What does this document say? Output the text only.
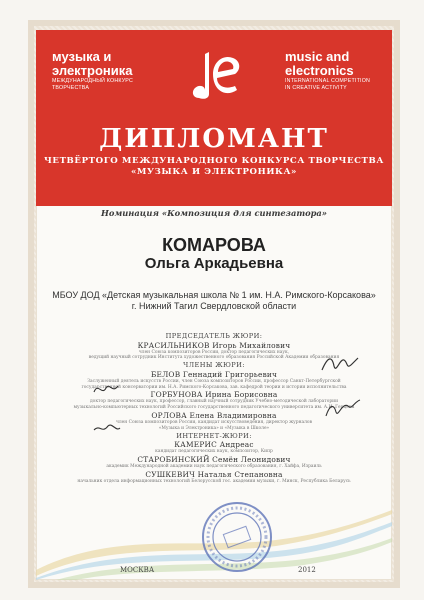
музыка и
электроника
МЕЖДУНАРОДНЫЙ КОНКУРС
ТВОРЧЕСТВА
music and
electronics
INTERNATIONAL COMPETITION
IN CREATIVE ACTIVITY
ДИПЛОМАНТ
ЧЕТВЁРТОГО МЕЖДУНАРОДНОГО КОНКУРСА ТВОРЧЕСТВА
«МУЗЫКА И ЭЛЕКТРОНИКА»
Номинация «Композиция для синтезатора»
КОМАРОВА
Ольга Аркадьевна
МБОУ ДОД «Детская музыкальная школа № 1 им. Н.А. Римского-Корсакова»
г. Нижний Тагил Свердловской области
ПРЕДСЕДАТЕЛЬ ЖЮРИ:
КРАСИЛЬНИКОВ Игорь Михайлович
член Союза композиторов России, доктор педагогических наук,
ведущий научный сотрудник Института художественного образования Российской Академии образования
ЧЛЕНЫ ЖЮРИ:
БЕЛОВ Геннадий Григорьевич
Заслуженный деятель искусств России, член Союза композиторов России, профессор Санкт-Петербургской
государственной консерватории им. Н.А. Римского-Корсакова, зав. кафедрой теории и истории исполнительства
ГОРБУНОВА Ирина Борисовна
доктор педагогических наук, профессор, главный научный сотрудник Учебно-методической лаборатории
музыкально-компьютерных технологий Российского государственного педагогического университета им. А.И. Герцена
ОРЛОВА Елена Владимировна
член Союза композиторов России, кандидат искусствоведения, директор журналов
«Музыка и Электроника» и «Музыка в Школе»
ИНТЕРНЕТ-ЖЮРИ:
КАМЕРИС Андреас
кандидат педагогических наук, композитор, Кипр
СТАРОБИНСКИЙ Семён Леонидович
академик Международной академии наук педагогического образования, г. Хайфа, Израиль
СУШКЕВИЧ Наталья Степановна
начальник отдела информационных технологий Белорусской гос. академии музыки, г. Минск, Республика Беларусь
МОСКВА	2012
